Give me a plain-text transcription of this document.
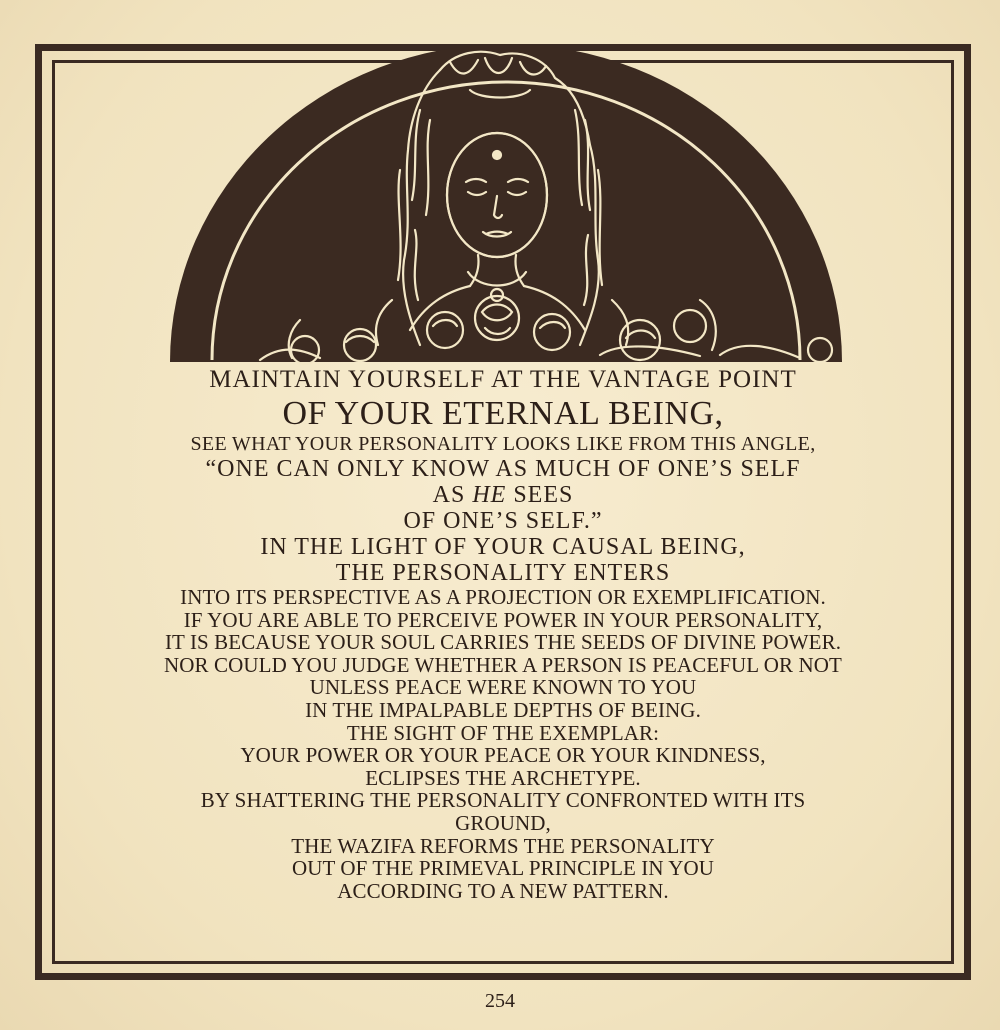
MAINTAIN YOURSELF AT THE VANTAGE POINT
OF YOUR ETERNAL BEING,
SEE WHAT YOUR PERSONALITY LOOKS LIKE FROM THIS ANGLE,
“ONE CAN ONLY KNOW AS MUCH OF ONE’S SELF
AS HE SEES
OF ONE’S SELF.”
IN THE LIGHT OF YOUR CAUSAL BEING,
THE PERSONALITY ENTERS
INTO ITS PERSPECTIVE AS A PROJECTION OR EXEMPLIFICATION.
IF YOU ARE ABLE TO PERCEIVE POWER IN YOUR PERSONALITY,
IT IS BECAUSE YOUR SOUL CARRIES THE SEEDS OF DIVINE POWER.
NOR COULD YOU JUDGE WHETHER A PERSON IS PEACEFUL OR NOT
UNLESS PEACE WERE KNOWN TO YOU
IN THE IMPALPABLE DEPTHS OF BEING.
THE SIGHT OF THE EXEMPLAR:
YOUR POWER OR YOUR PEACE OR YOUR KINDNESS,
ECLIPSES THE ARCHETYPE.
BY SHATTERING THE PERSONALITY CONFRONTED WITH ITS
GROUND,
THE WAZIFA REFORMS THE PERSONALITY
OUT OF THE PRIMEVAL PRINCIPLE IN YOU
ACCORDING TO A NEW PATTERN.
254
